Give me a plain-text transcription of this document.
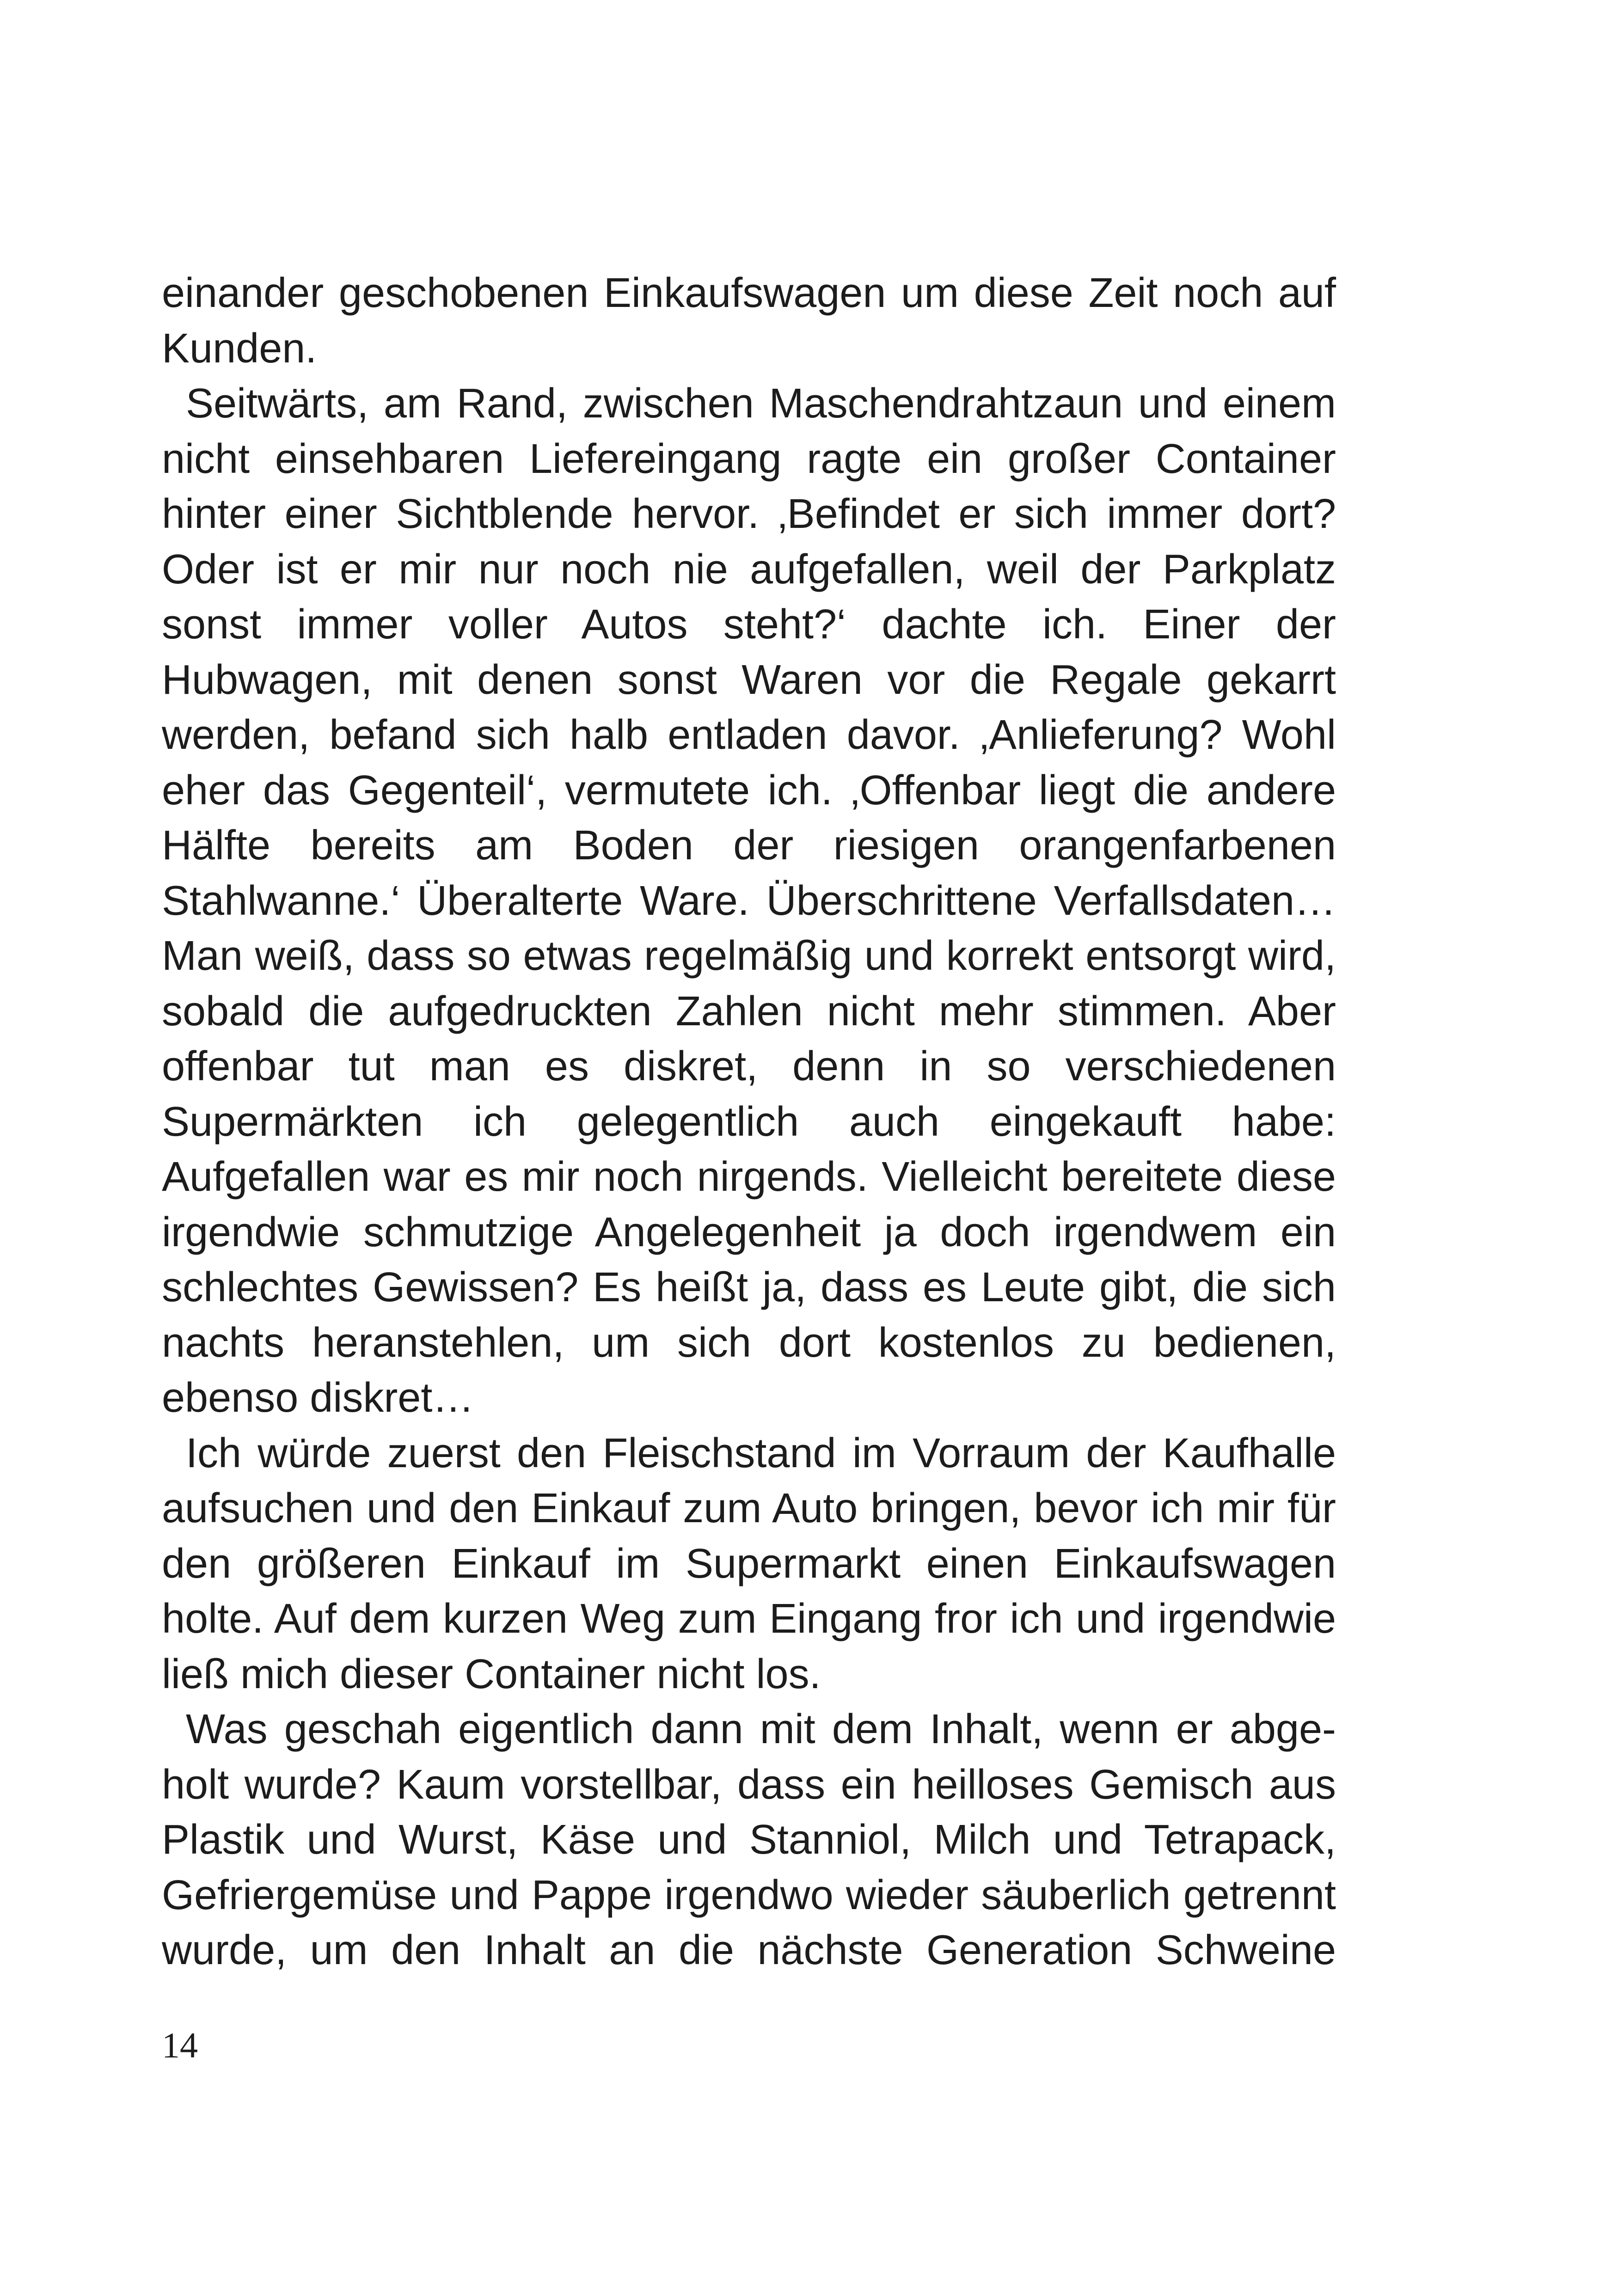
einander geschobenen Einkaufswagen um diese Zeit noch auf Kunden.

Seitwärts, am Rand, zwischen Maschendrahtzaun und einem nicht einsehbaren Liefereingang ragte ein großer Container hinter einer Sichtblende hervor. ‚Befindet er sich immer dort? Oder ist er mir nur noch nie aufgefallen, weil der Parkplatz sonst immer voller Autos steht?‘ dachte ich. Einer der Hubwagen, mit denen sonst Waren vor die Regale gekarrt werden, befand sich halb entladen davor. ‚Anlieferung? Wohl eher das Gegenteil‘, vermutete ich. ‚Offenbar liegt die andere Hälfte bereits am Boden der riesigen orangenfarbenen Stahlwanne.‘ Überalterte Ware. Überschrittene Verfallsdaten… Man weiß, dass so etwas regelmäßig und korrekt entsorgt wird, sobald die aufgedruckten Zahlen nicht mehr stimmen. Aber offenbar tut man es diskret, denn in so verschiedenen Supermärkten ich gelegentlich auch eingekauft habe: Aufgefallen war es mir noch nirgends. Vielleicht bereitete diese irgendwie schmutzige Angelegenheit ja doch irgendwem ein schlechtes Gewissen? Es heißt ja, dass es Leute gibt, die sich nachts heranstehlen, um sich dort kostenlos zu bedienen, ebenso diskret…

Ich würde zuerst den Fleischstand im Vorraum der Kaufhalle aufsuchen und den Einkauf zum Auto bringen, bevor ich mir für den größeren Einkauf im Supermarkt einen Einkaufswagen holte. Auf dem kurzen Weg zum Eingang fror ich und irgendwie ließ mich dieser Container nicht los.

Was geschah eigentlich dann mit dem Inhalt, wenn er abgeholt wurde? Kaum vorstellbar, dass ein heilloses Gemisch aus Plastik und Wurst, Käse und Stanniol, Milch und Tetrapack, Gefriergemüse und Pappe irgendwo wieder säuberlich getrennt wurde, um den Inhalt an die nächste Generation Schweine

14
